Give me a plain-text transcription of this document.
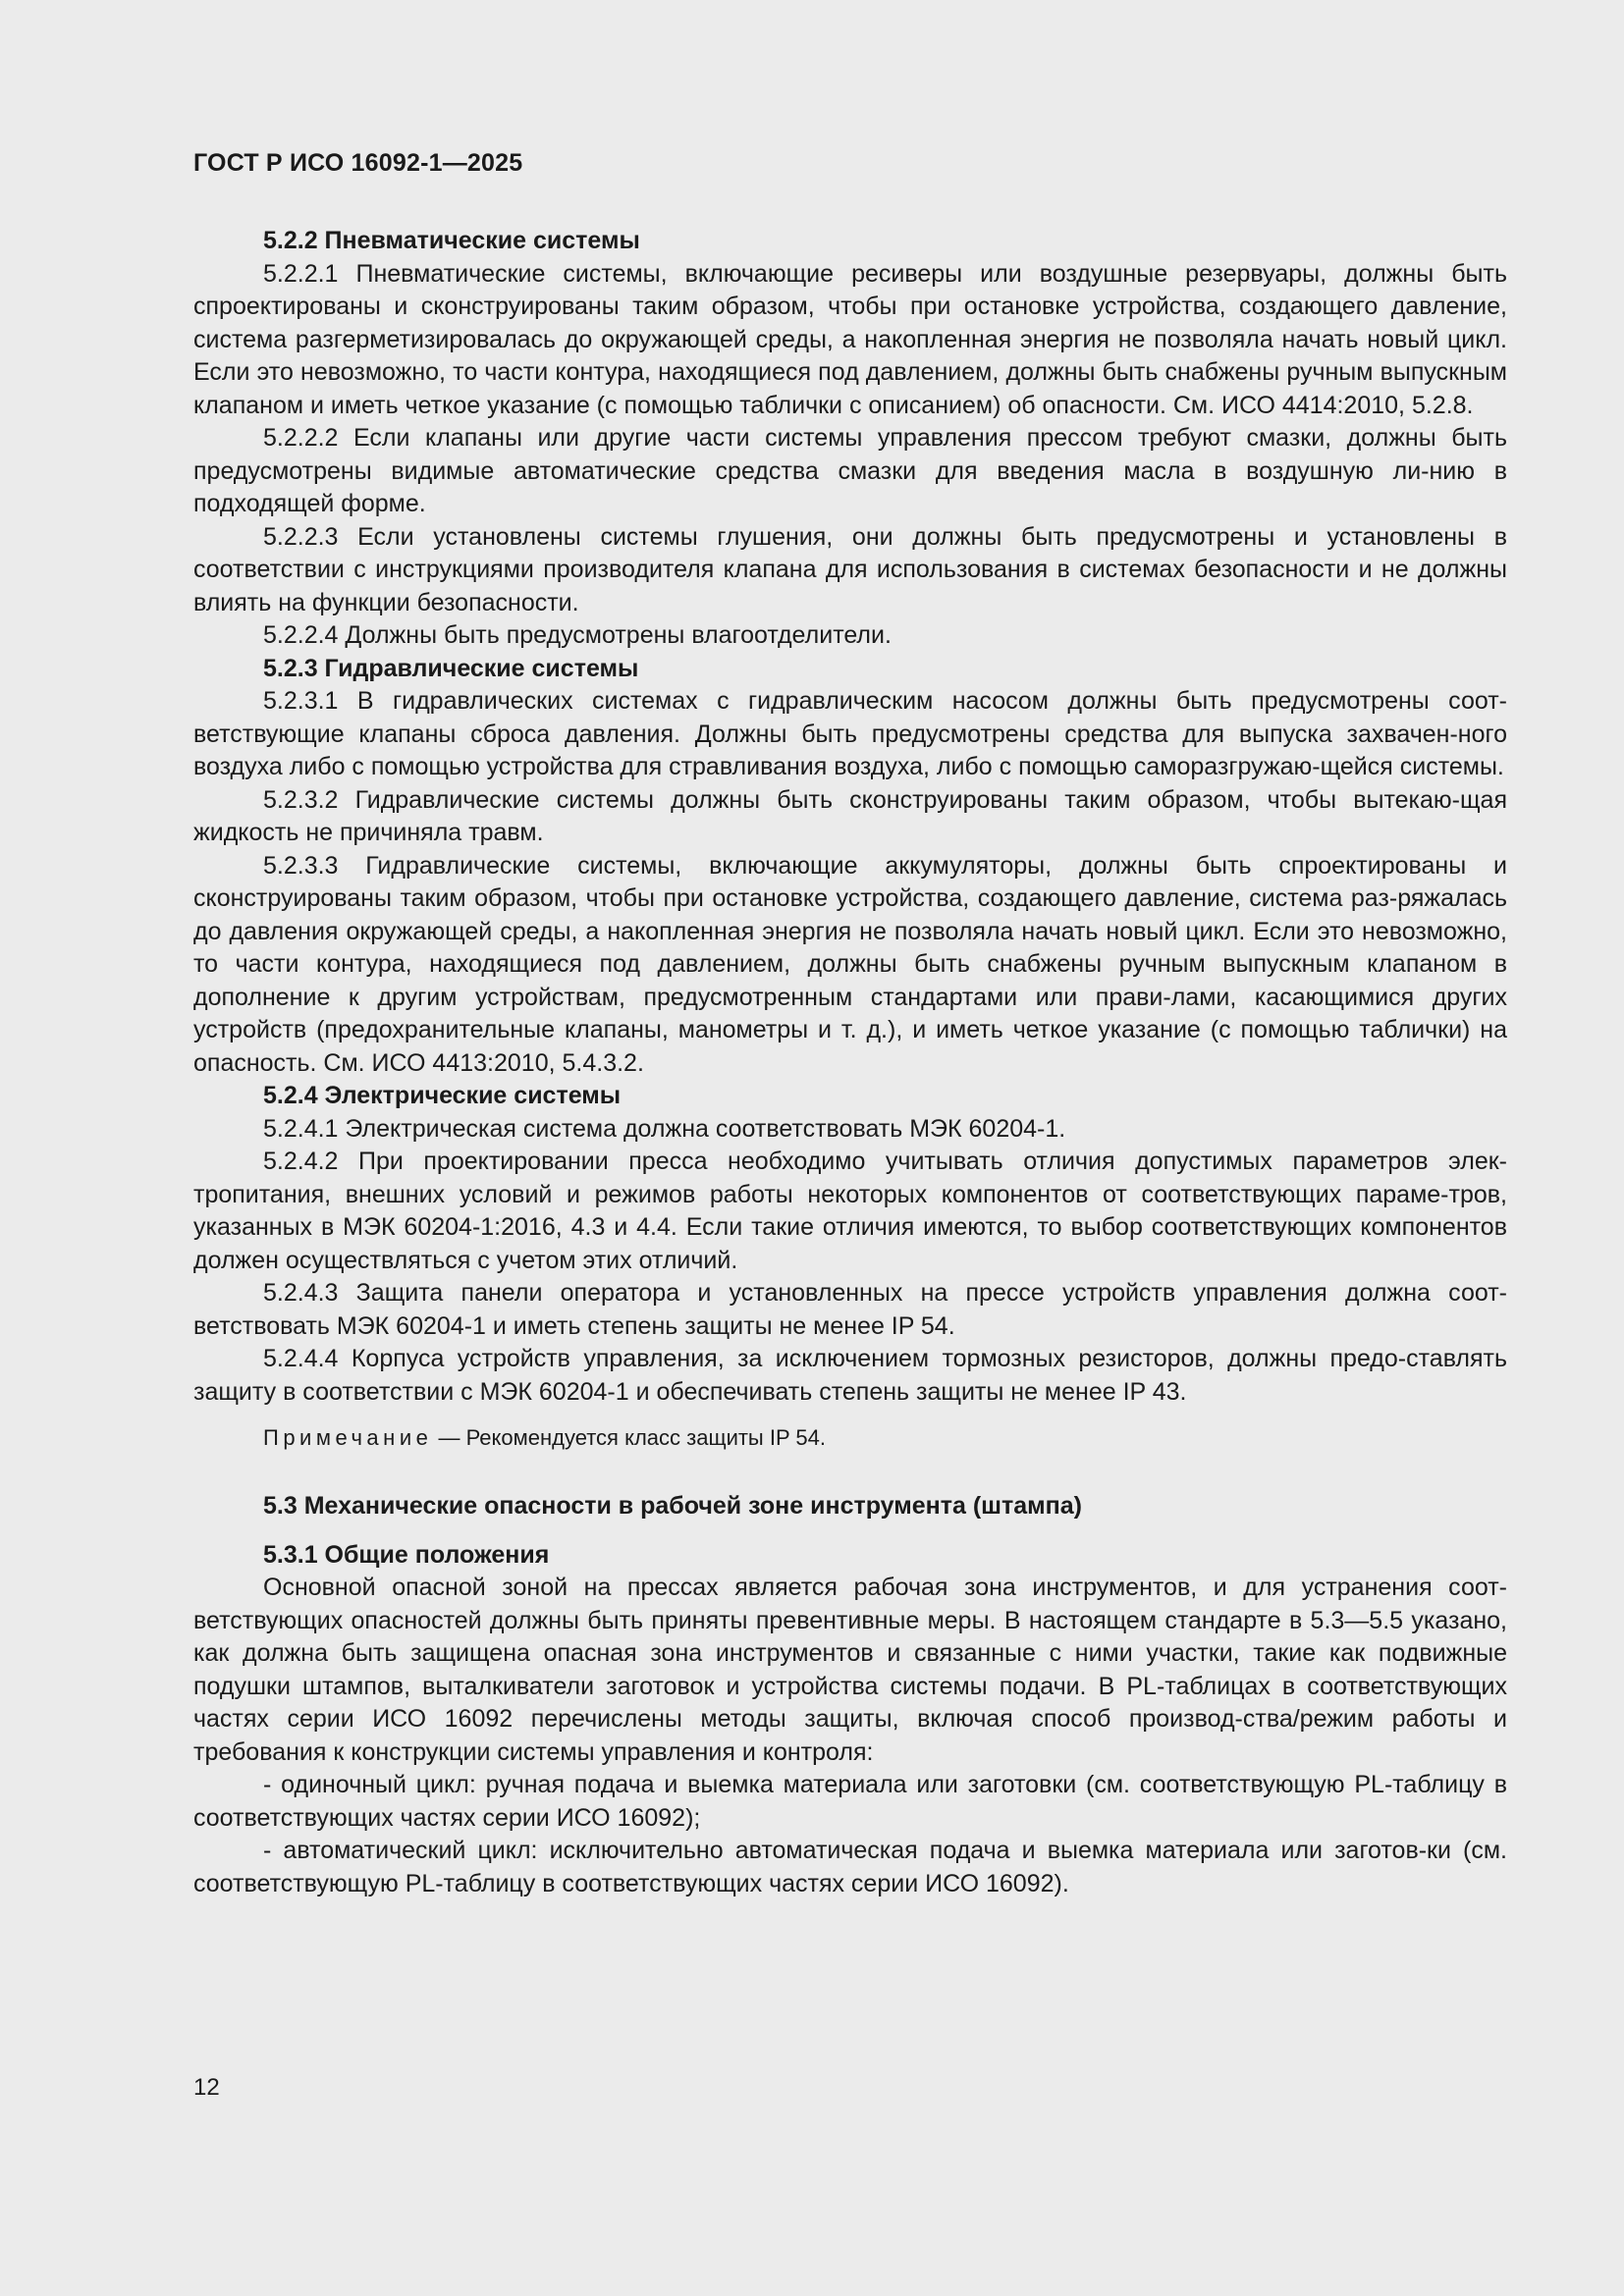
ГОСТ Р ИСО 16092-1—2025

5.2.2 Пневматические системы

5.2.2.1 Пневматические системы, включающие ресиверы или воздушные резервуары, должны быть спроектированы и сконструированы таким образом, чтобы при остановке устройства, создающего давление, система разгерметизировалась до окружающей среды, а накопленная энергия не позволяла начать новый цикл. Если это невозможно, то части контура, находящиеся под давлением, должны быть снабжены ручным выпускным клапаном и иметь четкое указание (с помощью таблички с описанием) об опасности. См. ИСО 4414:2010, 5.2.8.

5.2.2.2 Если клапаны или другие части системы управления прессом требуют смазки, должны быть предусмотрены видимые автоматические средства смазки для введения масла в воздушную ли-нию в подходящей форме.

5.2.2.3 Если установлены системы глушения, они должны быть предусмотрены и установлены в соответствии с инструкциями производителя клапана для использования в системах безопасности и не должны влиять на функции безопасности.

5.2.2.4 Должны быть предусмотрены влагоотделители.

5.2.3 Гидравлические системы

5.2.3.1 В гидравлических системах с гидравлическим насосом должны быть предусмотрены соот-ветствующие клапаны сброса давления. Должны быть предусмотрены средства для выпуска захвачен-ного воздуха либо с помощью устройства для стравливания воздуха, либо с помощью саморазгружаю-щейся системы.

5.2.3.2 Гидравлические системы должны быть сконструированы таким образом, чтобы вытекаю-щая жидкость не причиняла травм.

5.2.3.3 Гидравлические системы, включающие аккумуляторы, должны быть спроектированы и сконструированы таким образом, чтобы при остановке устройства, создающего давление, система раз-ряжалась до давления окружающей среды, а накопленная энергия не позволяла начать новый цикл. Если это невозможно, то части контура, находящиеся под давлением, должны быть снабжены ручным выпускным клапаном в дополнение к другим устройствам, предусмотренным стандартами или прави-лами, касающимися других устройств (предохранительные клапаны, манометры и т. д.), и иметь четкое указание (с помощью таблички) на опасность. См. ИСО 4413:2010, 5.4.3.2.

5.2.4 Электрические системы

5.2.4.1 Электрическая система должна соответствовать МЭК 60204-1.

5.2.4.2 При проектировании пресса необходимо учитывать отличия допустимых параметров элек-тропитания, внешних условий и режимов работы некоторых компонентов от соответствующих параме-тров, указанных в МЭК 60204-1:2016, 4.3 и 4.4. Если такие отличия имеются, то выбор соответствующих компонентов должен осуществляться с учетом этих отличий.

5.2.4.3 Защита панели оператора и установленных на прессе устройств управления должна соот-ветствовать МЭК 60204-1 и иметь степень защиты не менее IP 54.

5.2.4.4 Корпуса устройств управления, за исключением тормозных резисторов, должны предо-ставлять защиту в соответствии с МЭК 60204-1 и обеспечивать степень защиты не менее IP 43.

Примечание — Рекомендуется класс защиты IP 54.

5.3 Механические опасности в рабочей зоне инструмента (штампа)

5.3.1 Общие положения

Основной опасной зоной на прессах является рабочая зона инструментов, и для устранения соот-ветствующих опасностей должны быть приняты превентивные меры. В настоящем стандарте в 5.3—5.5 указано, как должна быть защищена опасная зона инструментов и связанные с ними участки, такие как подвижные подушки штампов, выталкиватели заготовок и устройства системы подачи. В PL-таблицах в соответствующих частях серии ИСО 16092 перечислены методы защиты, включая способ производ-ства/режим работы и требования к конструкции системы управления и контроля:

- одиночный цикл: ручная подача и выемка материала или заготовки (см. соответствующую PL-таблицу в соответствующих частях серии ИСО 16092);

- автоматический цикл: исключительно автоматическая подача и выемка материала или заготов-ки (см. соответствующую PL-таблицу в соответствующих частях серии ИСО 16092).

12
